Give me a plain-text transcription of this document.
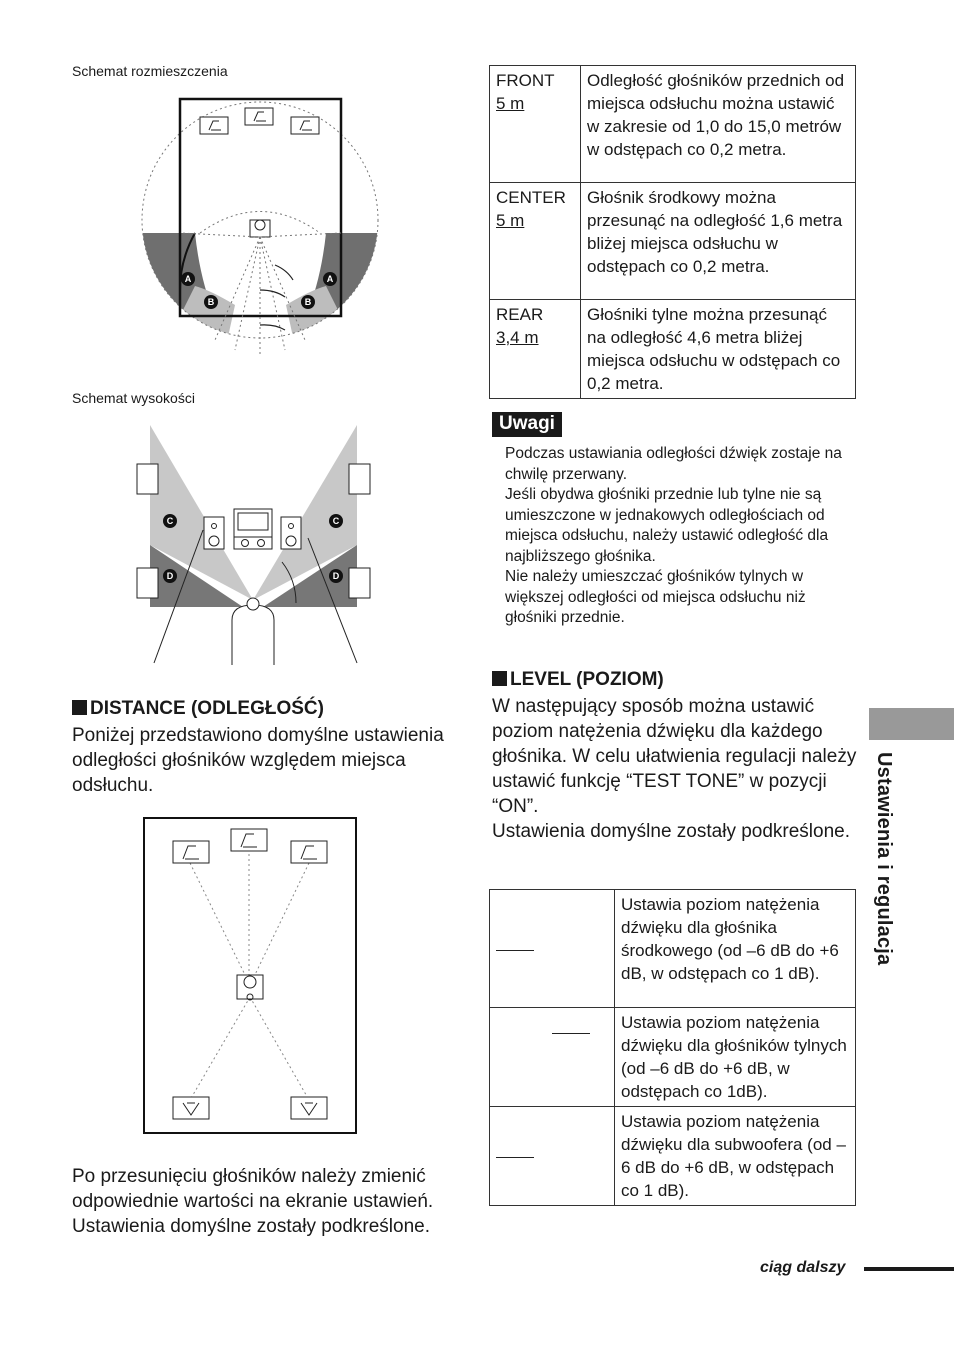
Schemat rozmieszczenia
A	A
B	B
Schemat wysokości
C	C
D	D
DISTANCE (ODLEGŁOŚĆ)
Poniżej przedstawiono domyślne ustawienia odległości głośników względem miejsca odsłuchu.
Po przesunięciu głośników należy zmienić odpowiednie wartości na ekranie ustawień. Ustawienia domyślne zostały podkreślone.
FRONT
5 m	Odległość głośników przednich od miejsca odsłuchu można ustawić w zakresie od 1,0 do 15,0 metrów w odstępach co 0,2 metra.

CENTER
5 m	Głośnik środkowy można przesunąć na odległość 1,6 metra bliżej miejsca odsłuchu w odstępach co 0,2 metra.

REAR
3,4 m	Głośniki tylne można przesunąć na odległość 4,6 metra bliżej miejsca odsłuchu w odstępach co 0,2 metra.
Uwagi

Podczas ustawiania odległości dźwięk zostaje na chwilę przerwany.

Jeśli obydwa głośniki przednie lub tylne nie są umieszczone w jednakowych odległościach od miejsca odsłuchu, należy ustawić odległość dla najbliższego głośnika.

Nie należy umieszczać głośników tylnych w większej odległości od miejsca odsłuchu niż głośniki przednie.

LEVEL (POZIOM)

W następujący sposób można ustawić poziom natężenia dźwięku dla każdego głośnika. W celu ułatwienia regulacji należy ustawić funkcję “TEST TONE” w pozycji “ON”.

Ustawienia domyślne zostały podkreślone.

	Ustawia poziom natężenia dźwięku dla głośnika środkowego (od –6 dB do +6 dB, w odstępach co 1 dB).
	Ustawia poziom natężenia dźwięku dla głośników tylnych (od –6 dB do +6 dB, w odstępach co 1dB).
	Ustawia poziom natężenia dźwięku dla subwoofera (od –6 dB do +6 dB, w odstępach co 1 dB).
Ustawienia i regulacja
ciąg dalszy
